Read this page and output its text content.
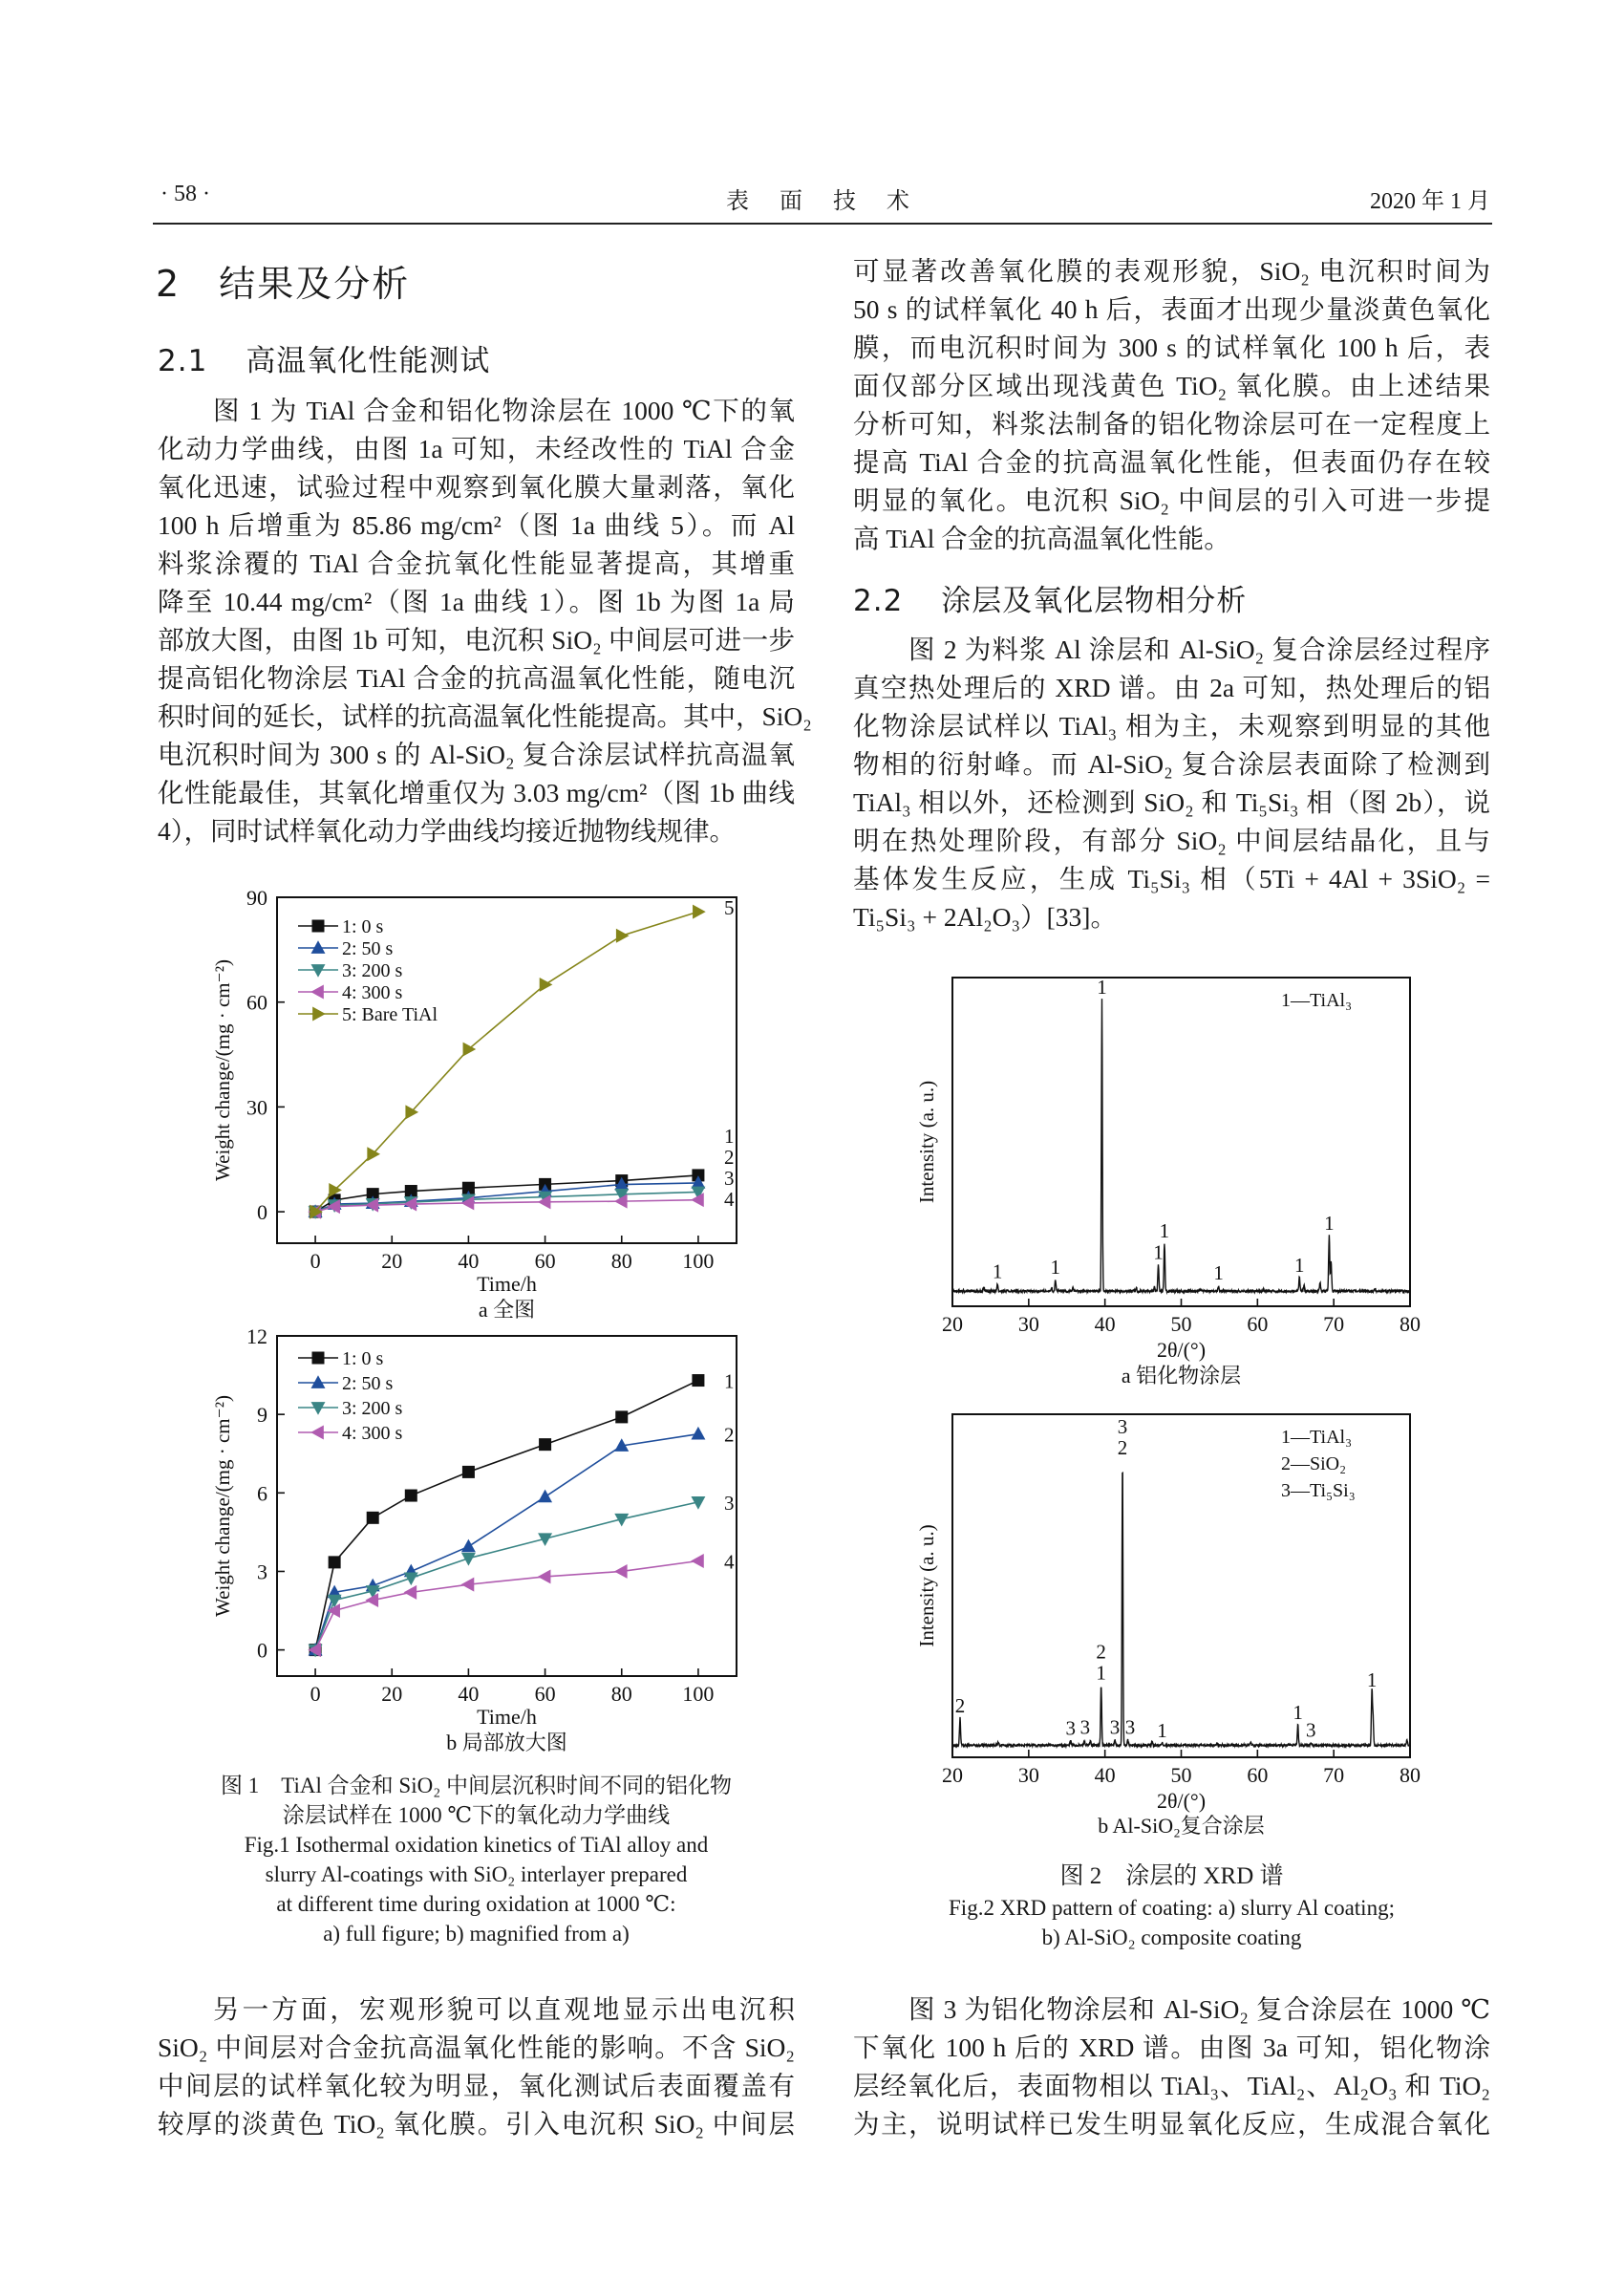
· 58 ·	表　面　技　术	2020 年 1 月
2 结果及分析
2.1 高温氧化性能测试
2.2 涂层及氧化层物相分析
图 1 为 TiAl 合金和铝化物涂层在 1000 ℃下的氧
化动力学曲线，由图 1a 可知，未经改性的 TiAl 合金
氧化迅速，试验过程中观察到氧化膜大量剥落，氧化
100 h 后增重为 85.86 mg/cm²（图 1a 曲线 5）。而 Al
料浆涂覆的 TiAl 合金抗氧化性能显著提高，其增重
降至 10.44 mg/cm²（图 1a 曲线 1）。图 1b 为图 1a 局
部放大图，由图 1b 可知，电沉积 SiO₂ 中间层可进一步
提高铝化物涂层 TiAl 合金的抗高温氧化性能，随电沉
积时间的延长，试样的抗高温氧化性能提高。其中，SiO₂
电沉积时间为 300 s 的 Al-SiO₂ 复合涂层试样抗高温氧
化性能最佳，其氧化增重仅为 3.03 mg/cm²（图 1b 曲线
4），同时试样氧化动力学曲线均接近抛物线规律。
另一方面，宏观形貌可以直观地显示出电沉积
SiO₂ 中间层对合金抗高温氧化性能的影响。不含 SiO₂
中间层的试样氧化较为明显，氧化测试后表面覆盖有
较厚的淡黄色 TiO₂ 氧化膜。引入电沉积 SiO₂ 中间层
可显著改善氧化膜的表观形貌，SiO₂ 电沉积时间为
50 s 的试样氧化 40 h 后，表面才出现少量淡黄色氧化
膜，而电沉积时间为 300 s 的试样氧化 100 h 后，表
面仅部分区域出现浅黄色 TiO₂ 氧化膜。由上述结果
分析可知，料浆法制备的铝化物涂层可在一定程度上
提高 TiAl 合金的抗高温氧化性能，但表面仍存在较
明显的氧化。电沉积 SiO₂ 中间层的引入可进一步提
高 TiAl 合金的抗高温氧化性能。
图 2 为料浆 Al 涂层和 Al-SiO₂ 复合涂层经过程序
真空热处理后的 XRD 谱。由 2a 可知，热处理后的铝
化物涂层试样以 TiAl₃ 相为主，未观察到明显的其他
物相的衍射峰。而 Al-SiO₂ 复合涂层表面除了检测到
TiAl₃ 相以外，还检测到 SiO₂ 和 Ti₅Si₃ 相（图 2b），说
明在热处理阶段，有部分 SiO₂ 中间层结晶化，且与
基体发生反应，生成 Ti₅Si₃ 相（5Ti + 4Al + 3SiO₂ =
Ti₅Si₃ + 2Al₂O₃）[33]。
图 3 为铝化物涂层和 Al-SiO₂ 复合涂层在 1000 ℃
下氧化 100 h 后的 XRD 谱。由图 3a 可知，铝化物涂
层经氧化后，表面物相以 TiAl₃、TiAl₂、Al₂O₃ 和 TiO₂
为主，说明试样已发生明显氧化反应，生成混合氧化
图 1　TiAl 合金和 SiO₂ 中间层沉积时间不同的铝化物
涂层试样在 1000 ℃下的氧化动力学曲线
Fig.1 Isothermal oxidation kinetics of TiAl alloy and
slurry Al-coatings with SiO₂ interlayer prepared
at different time during oxidation at 1000 ℃:
a) full figure; b) magnified from a)
图 2　涂层的 XRD 谱
Fig.2 XRD pattern of coating: a) slurry Al coating;
b) Al-SiO₂ composite coating
0	20	40	60	80 100
0
30
60
90
Time/h
a 全图
Weight change/(mg · cm⁻²)	1
1: 0 s
2
2: 50 s
3
3: 200 s
4
4: 300 s
5
5: Bare TiAl
0	20	40	60	80 100
0
3
6
9
12
Time/h
b 局部放大图
Weight change/(mg · cm⁻²)
1
1: 0 s
2
2: 50 s
3
3: 200 s
4
4: 300 s
20	30	40	50	60	70	80
2θ/(°)
a 铝化物涂层
Intensity (a. u.)
1 1
1
1
1
1	1
1
1—TiAl₃
20	30	40	50	60	70	80
2θ/(°)
b Al-SiO₂复合涂层
Intensity (a. u.)
2
3 3
1
2
3 3
2
3
1
1
3
1
1—TiAl₃
2—SiO₂
3—Ti₅Si₃
